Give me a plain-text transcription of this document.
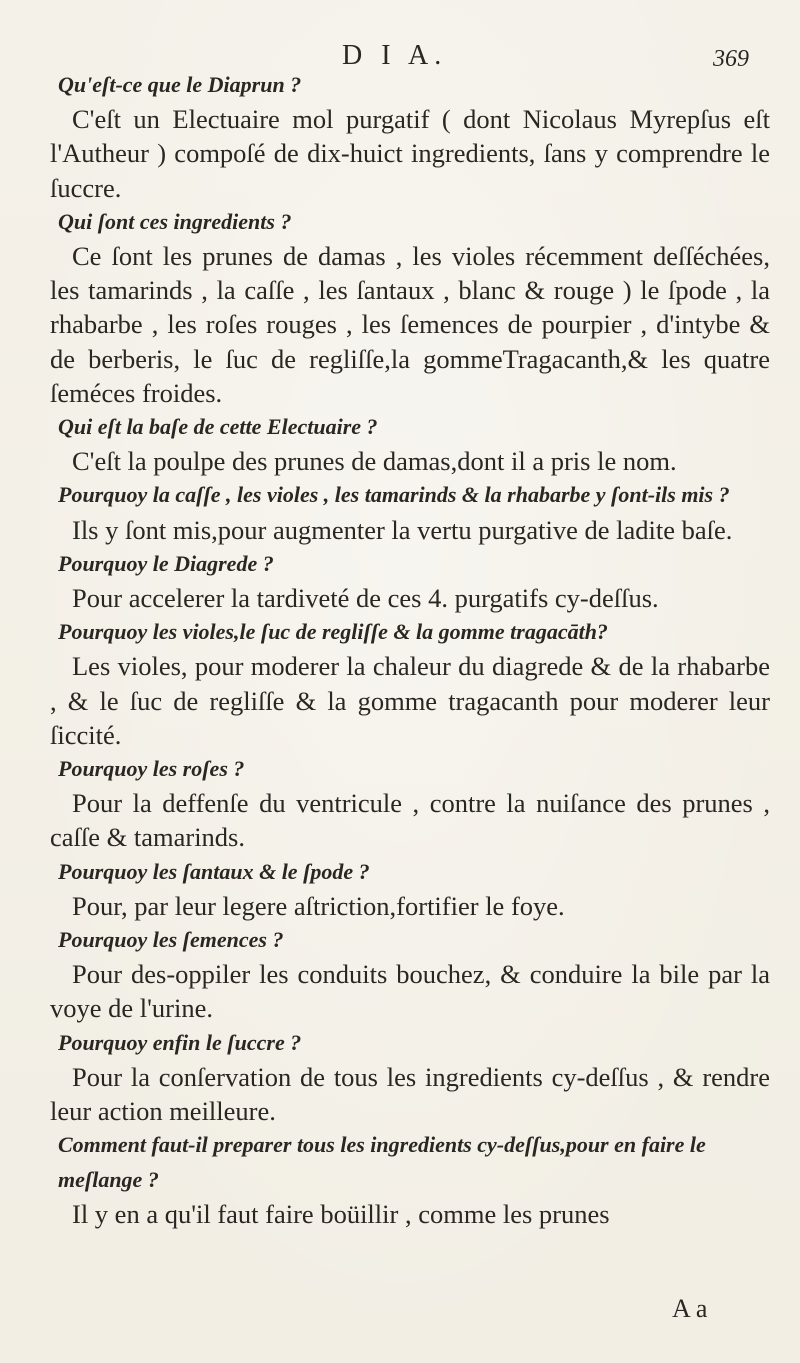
D I A.	369

Qu'eſt-ce que le Diaprun ?

C'eſt un Electuaire mol purgatif ( dont Nicolaus Myrepſus eſt l'Autheur ) compoſé de dix-huict ingredients, ſans y comprendre le ſuccre.

Qui ſont ces ingredients ?

Ce ſont les prunes de damas , les violes récemment deſſéchées, les tamarinds , la caſſe , les ſantaux , blanc & rouge ) le ſpode , la rhabarbe , les roſes rouges , les ſemences de pourpier , d'intybe & de berberis, le ſuc de regliſſe,la gommeTragacanth,& les quatre ſeméces froides.

Qui eſt la baſe de cette Electuaire ?

C'eſt la poulpe des prunes de damas,dont il a pris le nom.

Pourquoy la caſſe , les violes , les tamarinds & la rhabarbe y ſont-ils mis ?

Ils y ſont mis,pour augmenter la vertu purgative de ladite baſe.

Pourquoy le Diagrede ?

Pour accelerer la tardiveté de ces 4. purgatifs cy-deſſus.

Pourquoy les violes,le ſuc de regliſſe & la gomme tragacāth?

Les violes, pour moderer la chaleur du diagrede & de la rhabarbe , & le ſuc de regliſſe & la gomme tragacanth pour moderer leur ſiccité.

Pourquoy les roſes ?

Pour la deffenſe du ventricule , contre la nuiſance des prunes , caſſe & tamarinds.

Pourquoy les ſantaux & le ſpode ?

Pour, par leur legere aſtriction,fortifier le foye.

Pourquoy les ſemences ?

Pour des-oppiler les conduits bouchez, & conduire la bile par la voye de l'urine.

Pourquoy enfin le ſuccre ?

Pour la conſervation de tous les ingredients cy-deſſus , & rendre leur action meilleure.

Comment faut-il preparer tous les ingredients cy-deſſus,pour en faire le meſlange ?

Il y en a qu'il faut faire boüillir , comme les prunes

A a
